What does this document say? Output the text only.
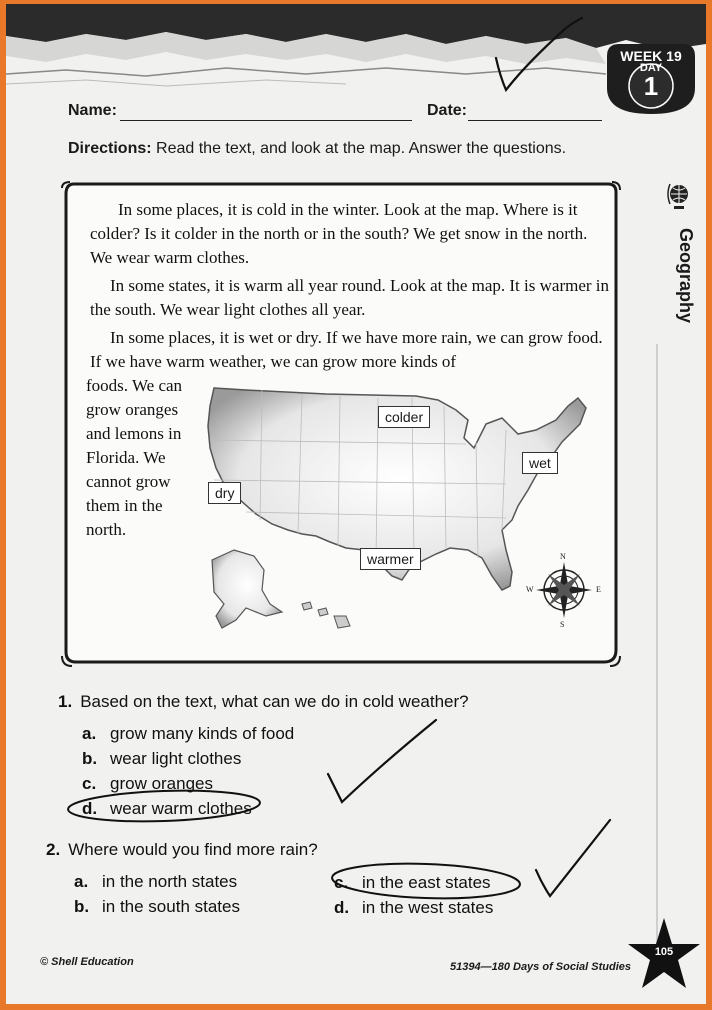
WEEK 19
DAY
1
Name:	Date:
Directions: Read the text, and look at the map. Answer the questions.
Geography
In some places, it is cold in the winter. Look at the map. Where is it colder? Is it colder in the north or in the south? We get snow in the north. We wear warm clothes.
In some states, it is warm all year round. Look at the map. It is warmer in the south. We wear light clothes all year.
In some places, it is wet or dry. If we have more rain, we can grow food. If we have warm weather, we can grow more kinds of
foods. We can grow oranges and lemons in Florida. We cannot grow them in the north.
colder
wet
dry
warmer	N
S
E
W
1. Based on the text, what can we do in cold weather?
a. grow many kinds of food
b. wear light clothes
c. grow oranges
d. wear warm clothes
2. Where would you find more rain?
a. in the north states
b. in the south states
c. in the east states
d. in the west states
© Shell Education	51394—180 Days of Social Studies
105
